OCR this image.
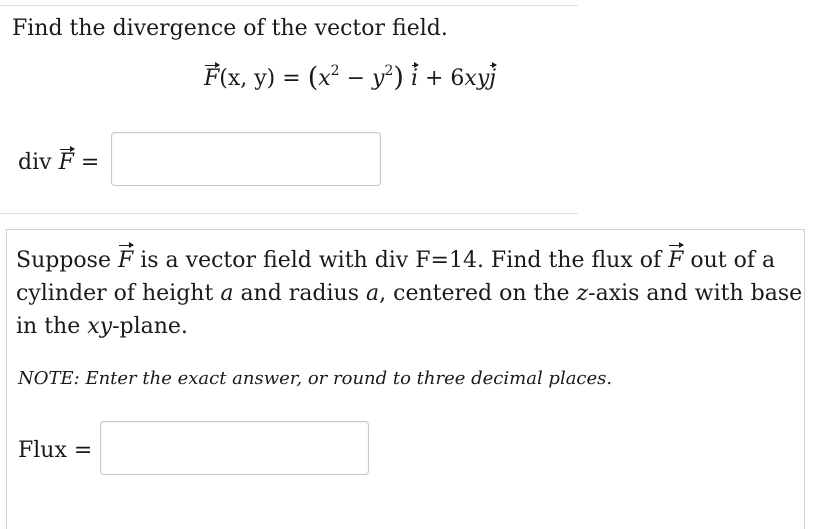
Find the divergence of the vector field.
F(x, $y) = (x^2 - y^2) i + 6xyj$
div F =
Suppose F is a vector field with div F=14. Find the flux of F out of a cylinder of height a and radius a, centered on the z-axis and with base in the xy-plane.
NOTE: Enter the exact answer, or round to three decimal places.
Flux =
